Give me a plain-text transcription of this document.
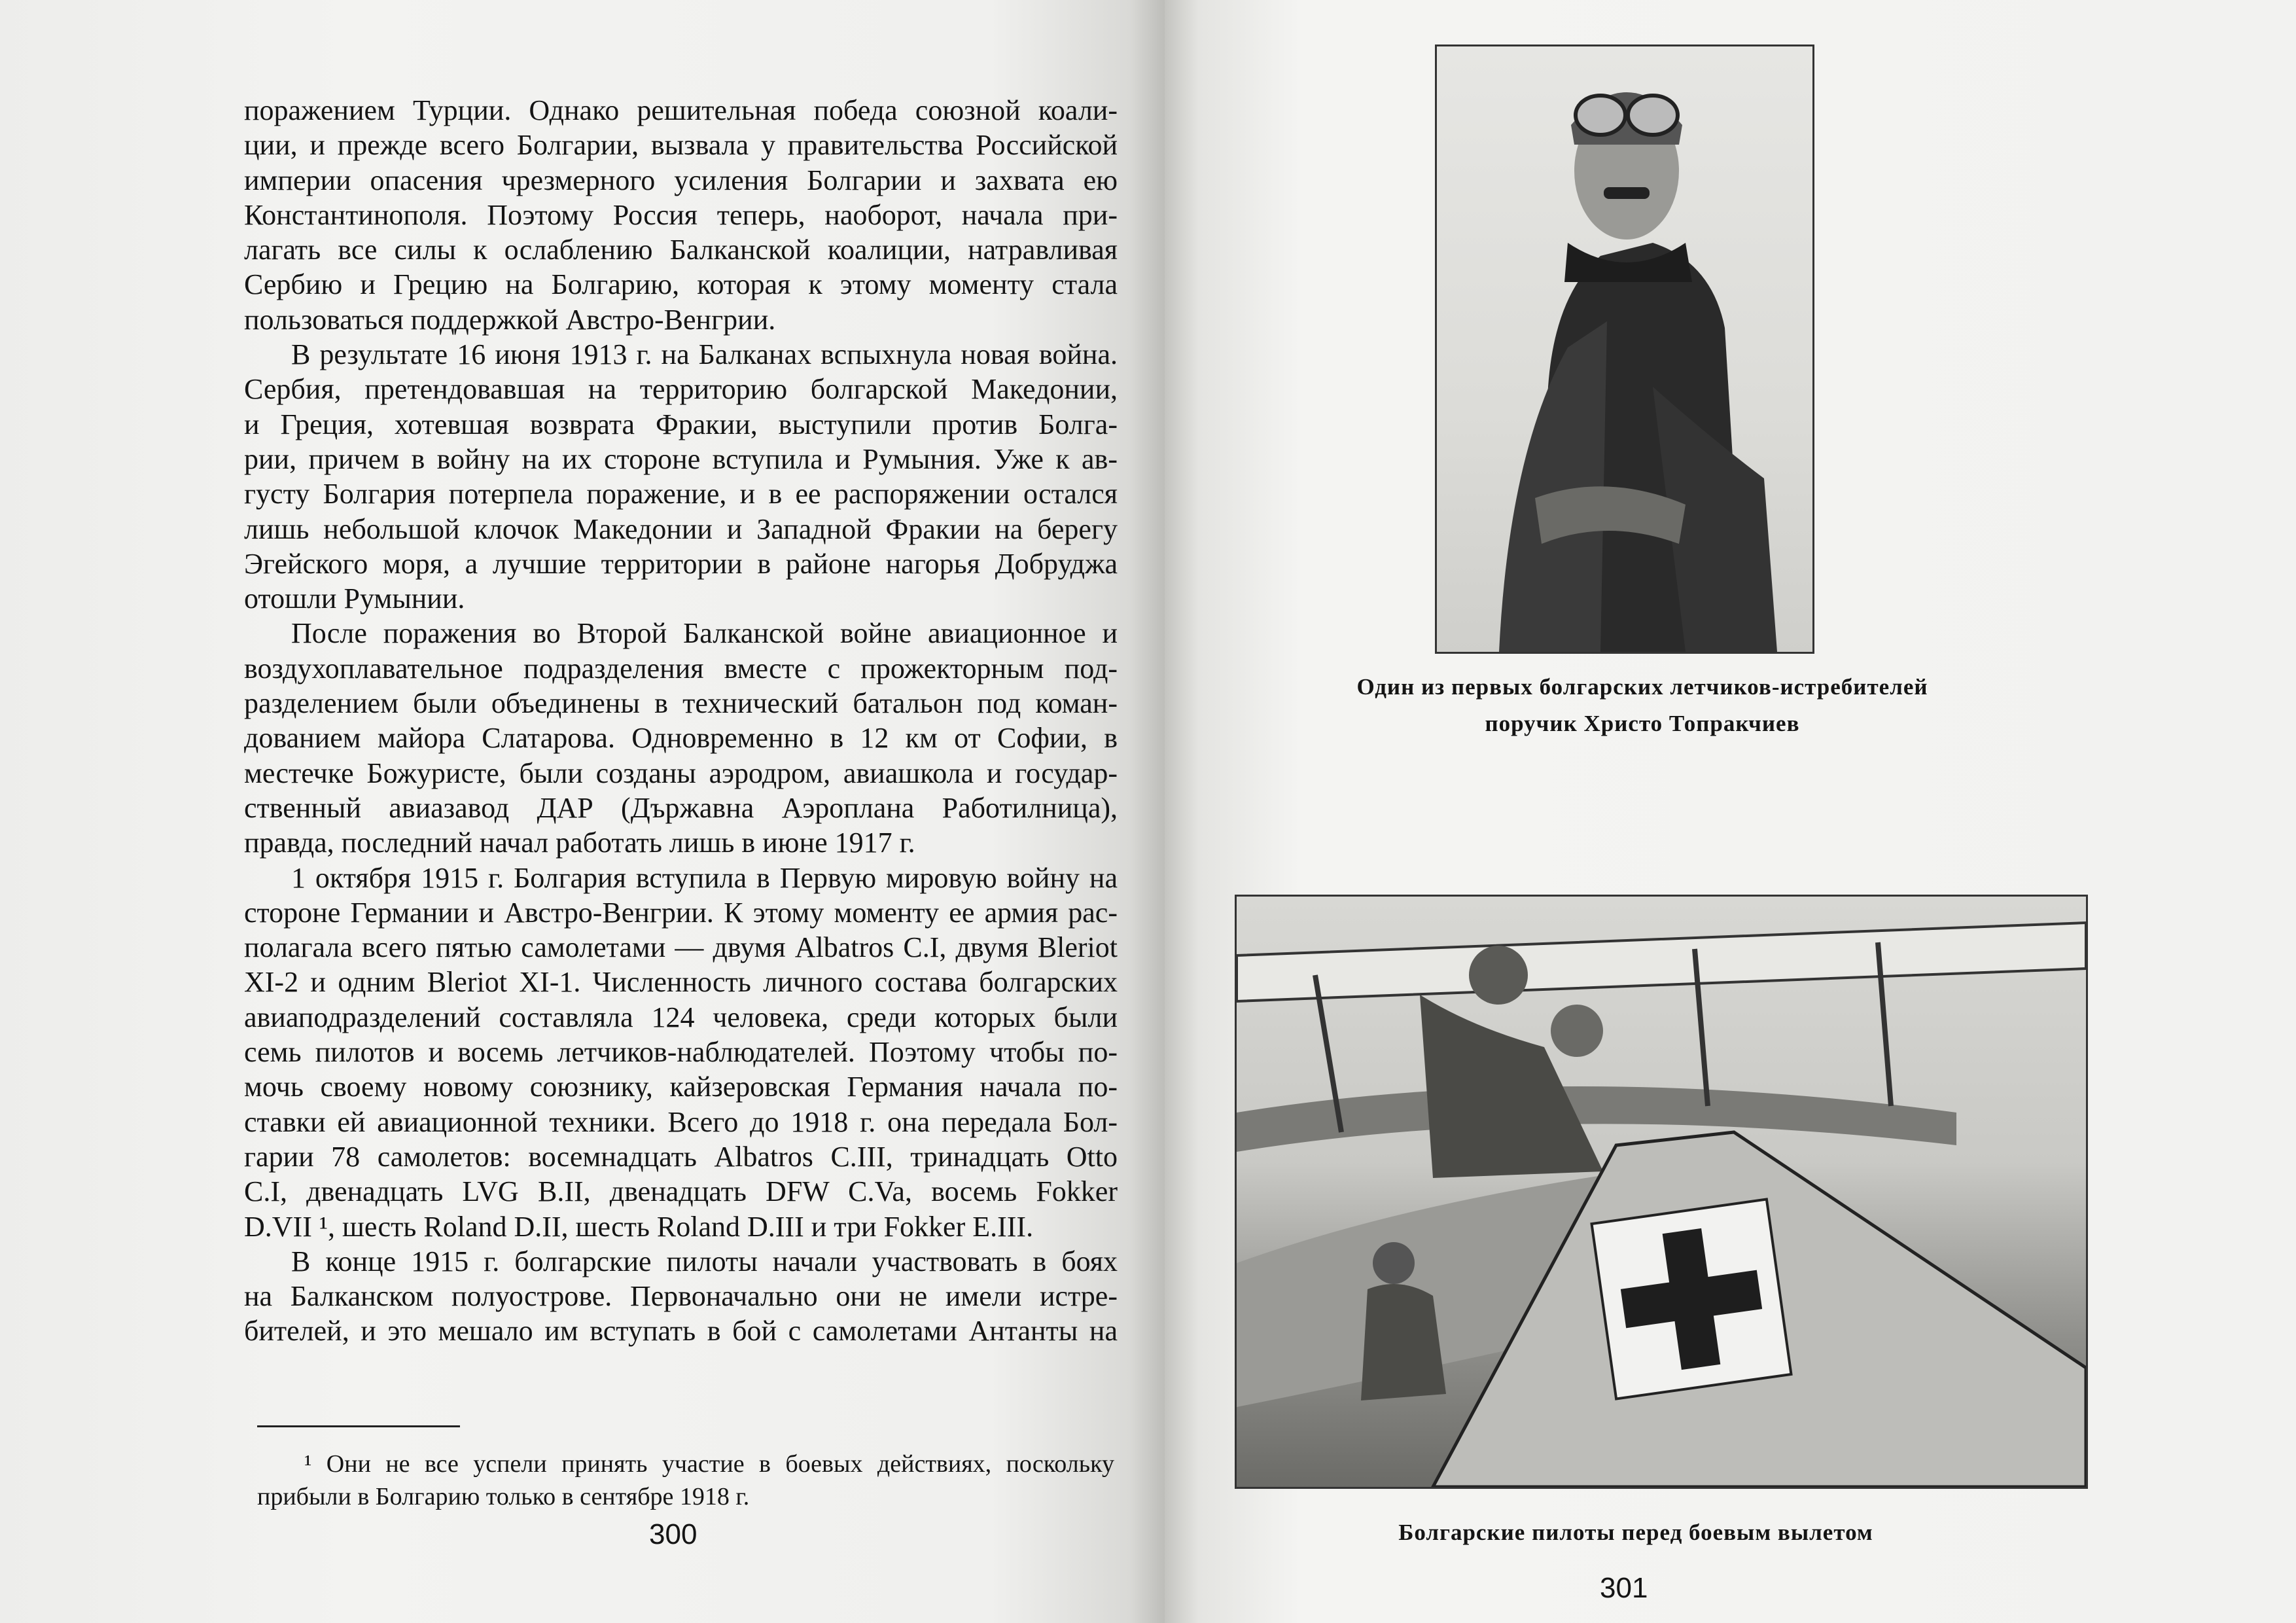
поражением Турции. Однако решительная победа союзной коали-
ции, и прежде всего Болгарии, вызвала у правительства Российской
империи опасения чрезмерного усиления Болгарии и захвата ею
Константинополя. Поэтому Россия теперь, наоборот, начала при-
лагать все силы к ослаблению Балканской коалиции, натравливая
Сербию и Грецию на Болгарию, которая к этому моменту стала
пользоваться поддержкой Австро-Венгрии.
В результате 16 июня 1913 г. на Балканах вспыхнула новая война.
Сербия, претендовавшая на территорию болгарской Македонии,
и Греция, хотевшая возврата Фракии, выступили против Болга-
рии, причем в войну на их стороне вступила и Румыния. Уже к ав-
густу Болгария потерпела поражение, и в ее распоряжении остался
лишь небольшой клочок Македонии и Западной Фракии на берегу
Эгейского моря, а лучшие территории в районе нагорья Добруджа
отошли Румынии.
После поражения во Второй Балканской войне авиационное и
воздухоплавательное подразделения вместе с прожекторным под-
разделением были объединены в технический батальон под коман-
дованием майора Слатарова. Одновременно в 12 км от Софии, в
местечке Божуристе, были созданы аэродром, авиашкола и государ-
ственный авиазавод ДАР (Държавна Аэроплана Работилница),
правда, последний начал работать лишь в июне 1917 г.
1 октября 1915 г. Болгария вступила в Первую мировую войну на
стороне Германии и Австро-Венгрии. К этому моменту ее армия рас-
полагала всего пятью самолетами — двумя Albatros C.I, двумя Bleriot
XI-2 и одним Bleriot XI-1. Численность личного состава болгарских
авиаподразделений составляла 124 человека, среди которых были
семь пилотов и восемь летчиков-наблюдателей. Поэтому чтобы по-
мочь своему новому союзнику, кайзеровская Германия начала по-
ставки ей авиационной техники. Всего до 1918 г. она передала Бол-
гарии 78 самолетов: восемнадцать Albatros C.III, тринадцать Otto
C.I, двенадцать LVG B.II, двенадцать DFW C.Va, восемь Fokker
D.VII ¹, шесть Roland D.II, шесть Roland D.III и три Fokker E.III.
В конце 1915 г. болгарские пилоты начали участвовать в боях
на Балканском полуострове. Первоначально они не имели истре-
бителей, и это мешало им вступать в бой с самолетами Антанты на
¹ Они не все успели принять участие в боевых действиях, поскольку
прибыли в Болгарию только в сентябре 1918 г.
300
Один из первых болгарских летчиков-истребителей
поручик Христо Топракчиев
Болгарские пилоты перед боевым вылетом
301
